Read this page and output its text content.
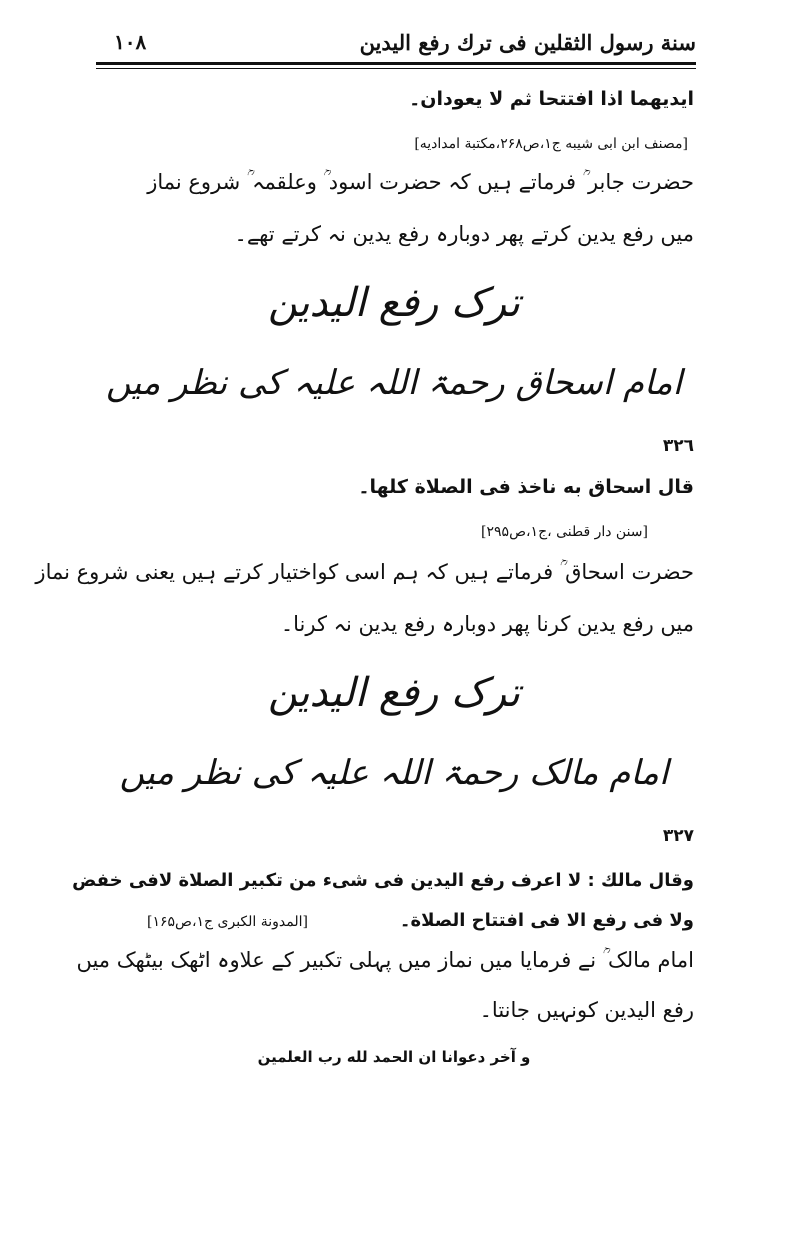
١٠٨	سنة رسول الثقلين فى ترك رفع اليدين
ايديهما اذا افتتحا ثم لا يعودان۔
[مصنف ابن ابی شیبه ج۱،ص۲۶۸،مکتبة امدادیه]
حضرت جابر ؒ فرماتے ہیں کہ حضرت اسود ؒ وعلقمہ ؒ شروع نماز
میں رفع یدین کرتے پھر دوبارہ رفع یدین نہ کرتے تھے۔
ترک رفع الیدین
امام اسحاق رحمۃ اللہ علیہ کی نظر میں
٣٢٦
قال اسحاق به ناخذ فی الصلاة کلها۔
[سنن دار قطنی ،ج۱،ص۲۹۵]
حضرت اسحاق ؒ فرماتے ہیں کہ ہم اسی کواختیار کرتے ہیں یعنی شروع نماز
میں رفع یدین کرنا پھر دوبارہ رفع یدین نہ کرنا۔
ترک رفع الیدین
امام مالک رحمۃ اللہ علیہ کی نظر میں
٣٢٧
وقال مالك : لا اعرف رفع اليدين فى شىء من تكبير الصلاة لافى خفض
ولا فى رفع الا فى افتتاح الصلاة۔
[المدونة الکبری ج۱،ص۱۶۵]
امام مالک ؒ نے فرمایا میں نماز میں پہلی تکبیر کے علاوہ اٹھک بیٹھک میں
رفع الیدین کونہیں جانتا۔
و آخر دعوانا ان الحمد لله رب العلمين
